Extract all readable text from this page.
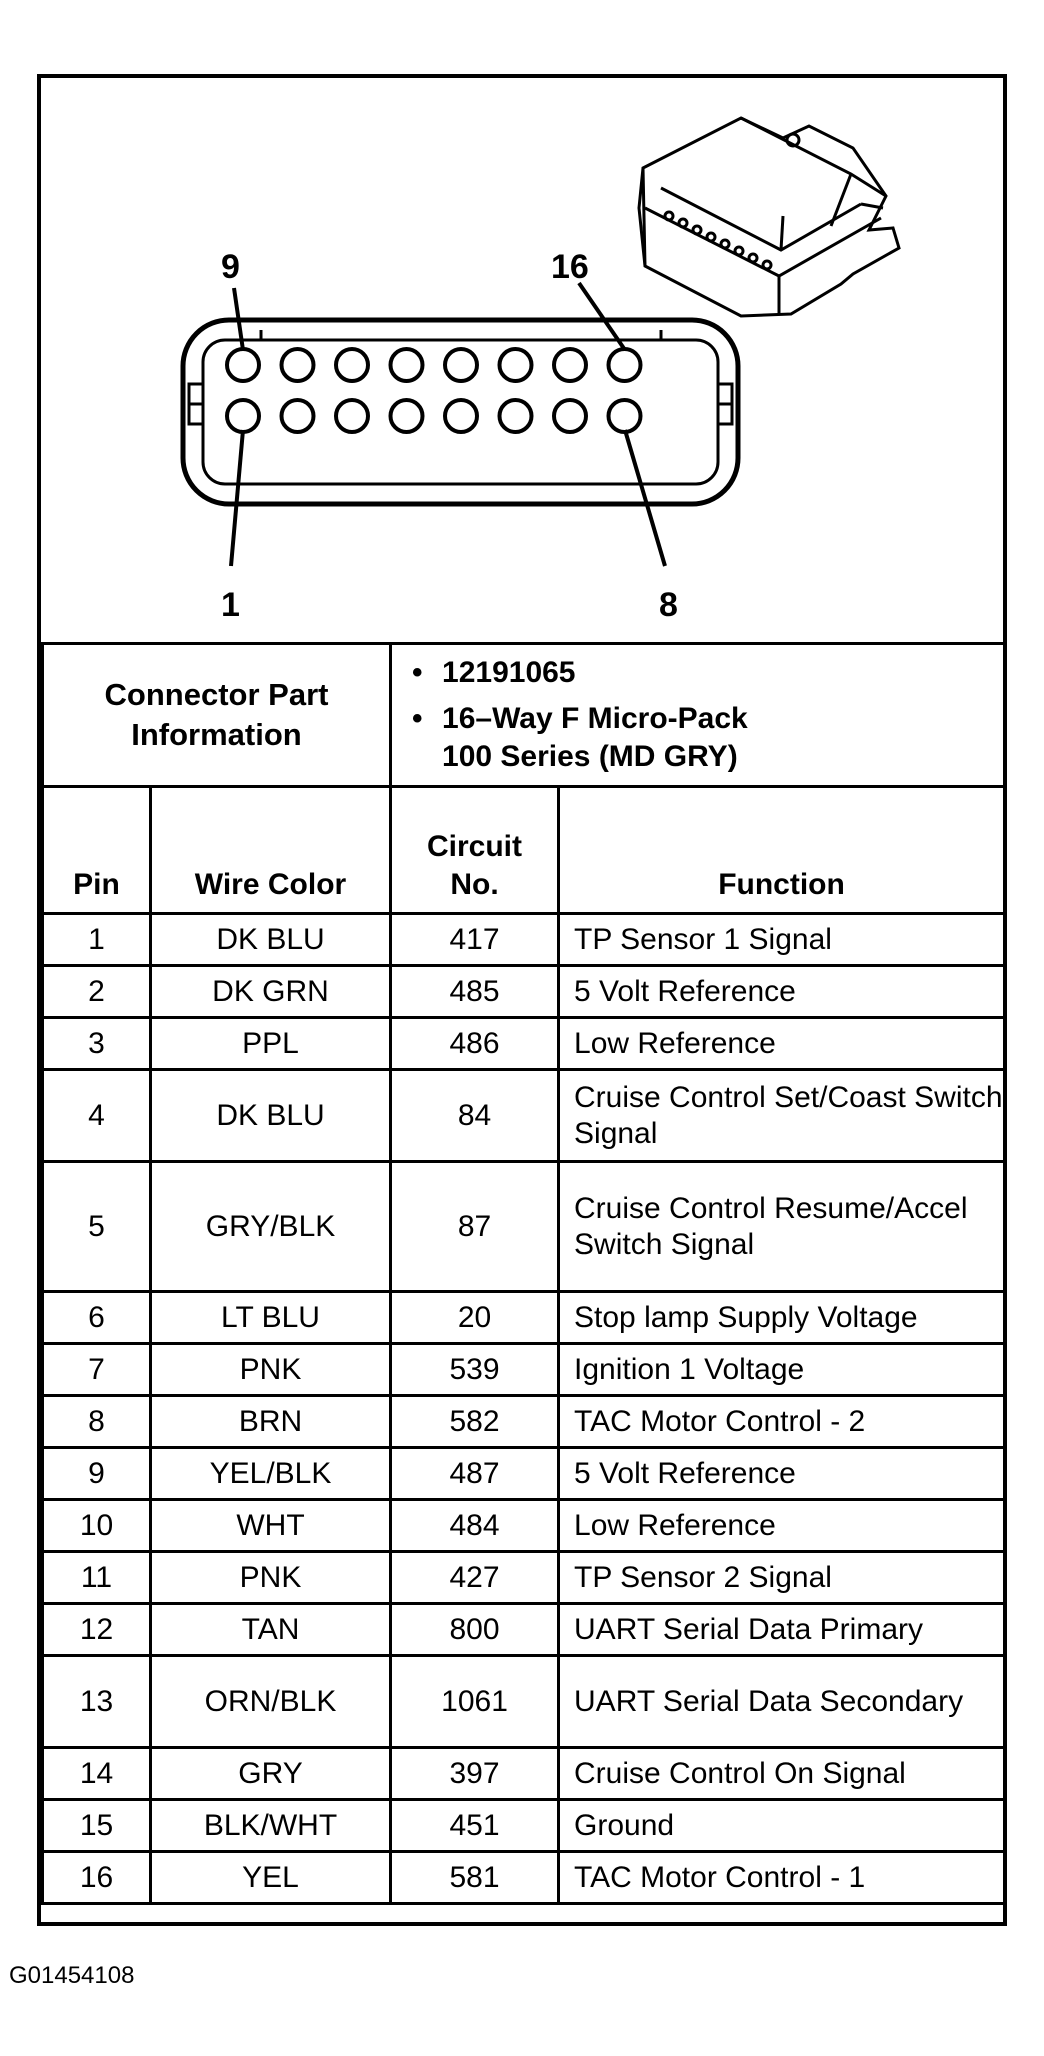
9	16
1	8
Connector Part Information		• 12191065
• 16–Way F Micro-Pack 100 Series (MD GRY)	

Pin	Wire Color	Circuit No.	Function
1	DK BLU	417	TP Sensor 1 Signal
2	DK GRN	485	5 Volt Reference
3	PPL	486	Low Reference
4	DK BLU	84	Cruise Control Set/Coast Switch Signal
5	GRY/BLK	87	Cruise Control Resume/Accel Switch Signal
6	LT BLU	20	Stop lamp Supply Voltage
7	PNK	539	Ignition 1 Voltage
8	BRN	582	TAC Motor Control - 2
9	YEL/BLK	487	5 Volt Reference
10	WHT	484	Low Reference
11	PNK	427	TP Sensor 2 Signal
12	TAN	800	UART Serial Data Primary
13	ORN/BLK	1061	UART Serial Data Secondary
14	GRY	397	Cruise Control On Signal
15	BLK/WHT	451	Ground
16	YEL	581	TAC Motor Control - 1
G01454108
